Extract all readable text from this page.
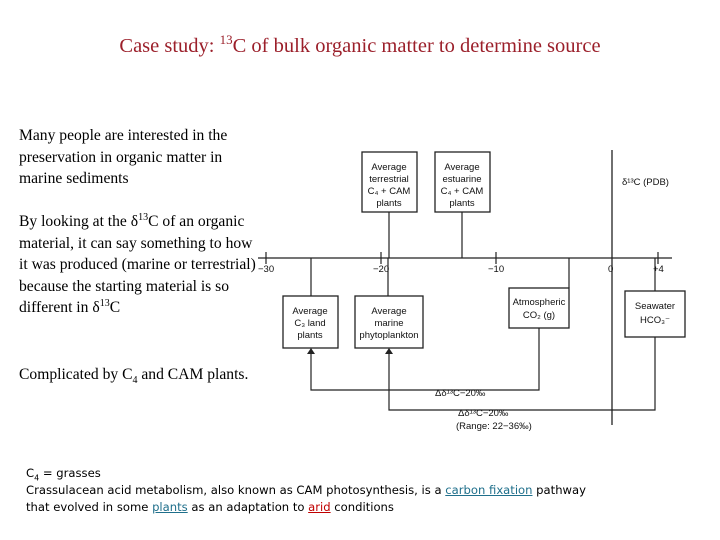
Case study: $^{13}$C of bulk organic matter to determine source
Many people are interested in the preservation in organic matter in marine sediments
By looking at the $\delta^{13}C$ of an organic material, it can say something to how it was produced (marine or terrestrial) because the starting material is so different in $\delta^{13}C$
Complicated by $C_4$ and CAM plants.
δ¹³C (PDB)
−30	−20	−10	0	+4
Average
terrestrial
C₄ + CAM
plants
Average
estuarine
C₄ + CAM
plants
Average
C₃ land
plants
Average
marine
phytoplankton
Atmospheric
CO₂ (g)
Seawater
HCO₃⁻
Δδ¹³C−20‰
Δδ¹³C−20‰
(Range: 22−36‰)
$C_4$ = grasses
Crassulacean acid metabolism, also known as CAM photosynthesis, is a carbon fixation pathway
that evolved in some plants as an adaptation to arid conditions
